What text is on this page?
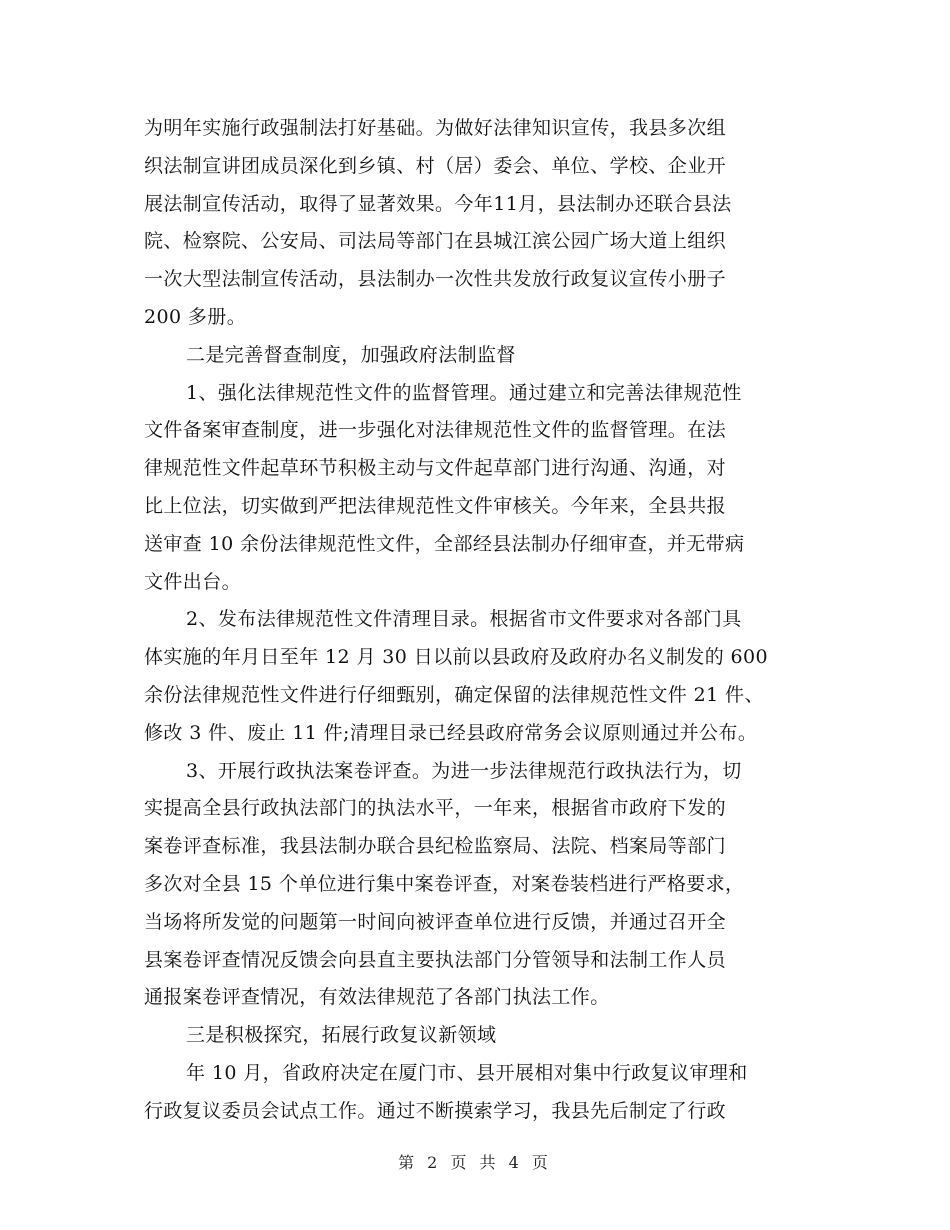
为明年实施行政强制法打好基础。为做好法律知识宣传，我县多次组
织法制宣讲团成员深化到乡镇、村（居）委会、单位、学校、企业开
展法制宣传活动，取得了显著效果。今年11月，县法制办还联合县法
院、检察院、公安局、司法局等部门在县城江滨公园广场大道上组织
一次大型法制宣传活动，县法制办一次性共发放行政复议宣传小册子
200 多册。
二是完善督查制度，加强政府法制监督
1、强化法律规范性文件的监督管理。通过建立和完善法律规范性
文件备案审查制度，进一步强化对法律规范性文件的监督管理。在法
律规范性文件起草环节积极主动与文件起草部门进行沟通、沟通，对
比上位法，切实做到严把法律规范性文件审核关。今年来，全县共报
送审查 10 余份法律规范性文件，全部经县法制办仔细审查，并无带病
文件出台。
2、发布法律规范性文件清理目录。根据省市文件要求对各部门具
体实施的年月日至年 12 月 30 日以前以县政府及政府办名义制发的 600
余份法律规范性文件进行仔细甄别，确定保留的法律规范性文件 21 件、
修改 3 件、废止 11 件;清理目录已经县政府常务会议原则通过并公布。
3、开展行政执法案卷评查。为进一步法律规范行政执法行为，切
实提高全县行政执法部门的执法水平，一年来，根据省市政府下发的
案卷评查标准，我县法制办联合县纪检监察局、法院、档案局等部门
多次对全县 15 个单位进行集中案卷评查，对案卷装档进行严格要求，
当场将所发觉的问题第一时间向被评查单位进行反馈，并通过召开全
县案卷评查情况反馈会向县直主要执法部门分管领导和法制工作人员
通报案卷评查情况，有效法律规范了各部门执法工作。
三是积极探究，拓展行政复议新领域
年 10 月，省政府决定在厦门市、县开展相对集中行政复议审理和
行政复议委员会试点工作。通过不断摸索学习，我县先后制定了行政
第 2 页 共 4 页
